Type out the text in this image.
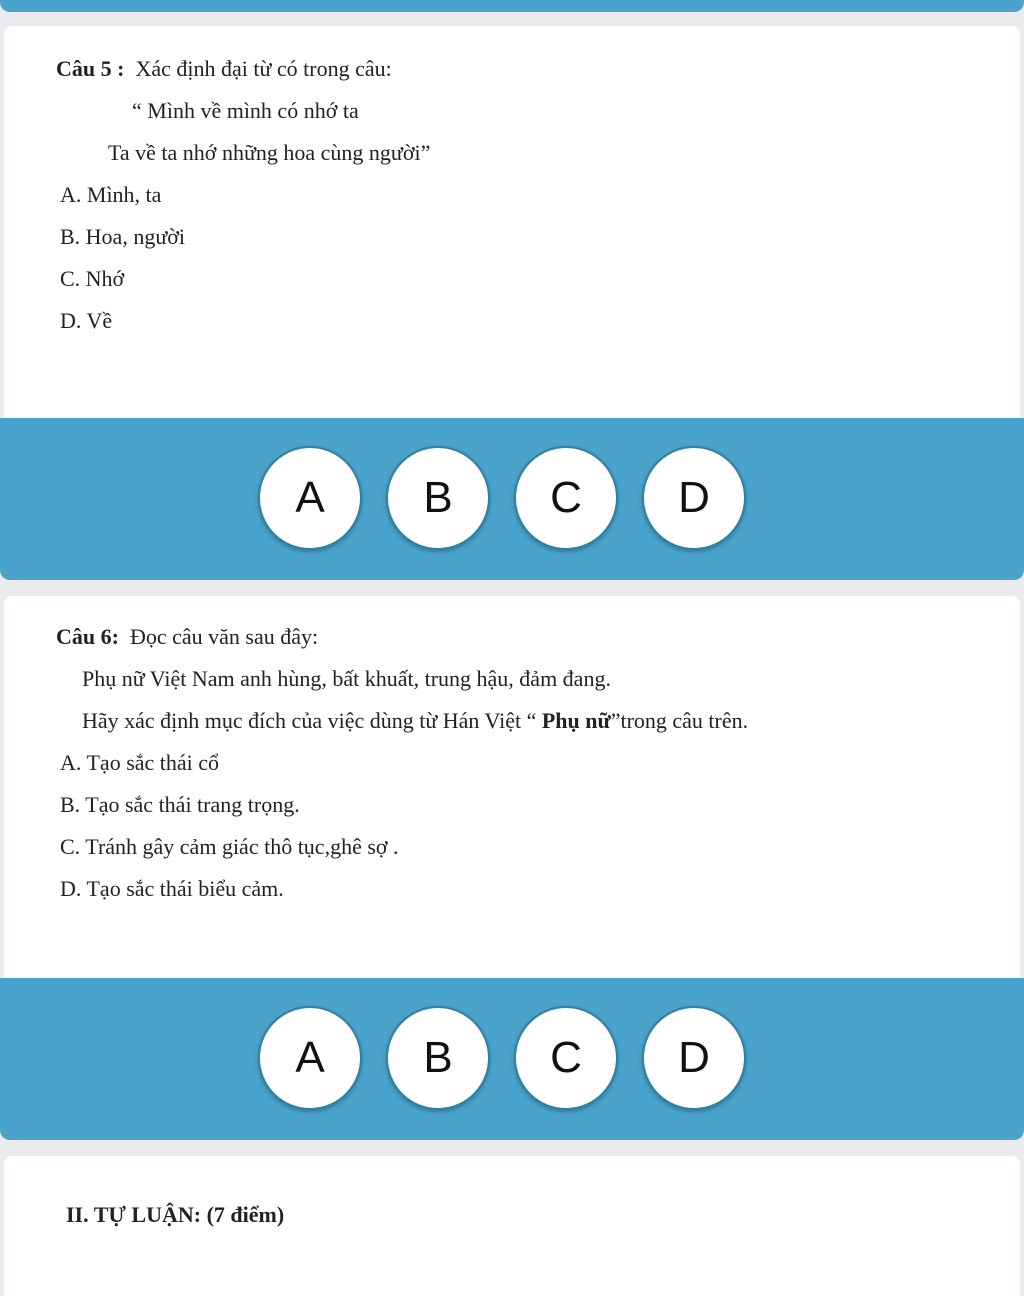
Câu 5 : Xác định đại từ có trong câu:
“ Mình về mình có nhớ ta
Ta về ta nhớ những hoa cùng người”
A. Mình, ta
B. Hoa, người
C. Nhớ
D. Về
A	B	C	D
Câu 6: Đọc câu văn sau đây:
Phụ nữ Việt Nam anh hùng, bất khuất, trung hậu, đảm đang.
Hãy xác định mục đích của việc dùng từ Hán Việt “ Phụ nữ”trong câu trên.
A. Tạo sắc thái cổ
B. Tạo sắc thái trang trọng.
C. Tránh gây cảm giác thô tục,ghê sợ .
D. Tạo sắc thái biểu cảm.
A	B	C	D
II. TỰ LUẬN: (7 điểm)
